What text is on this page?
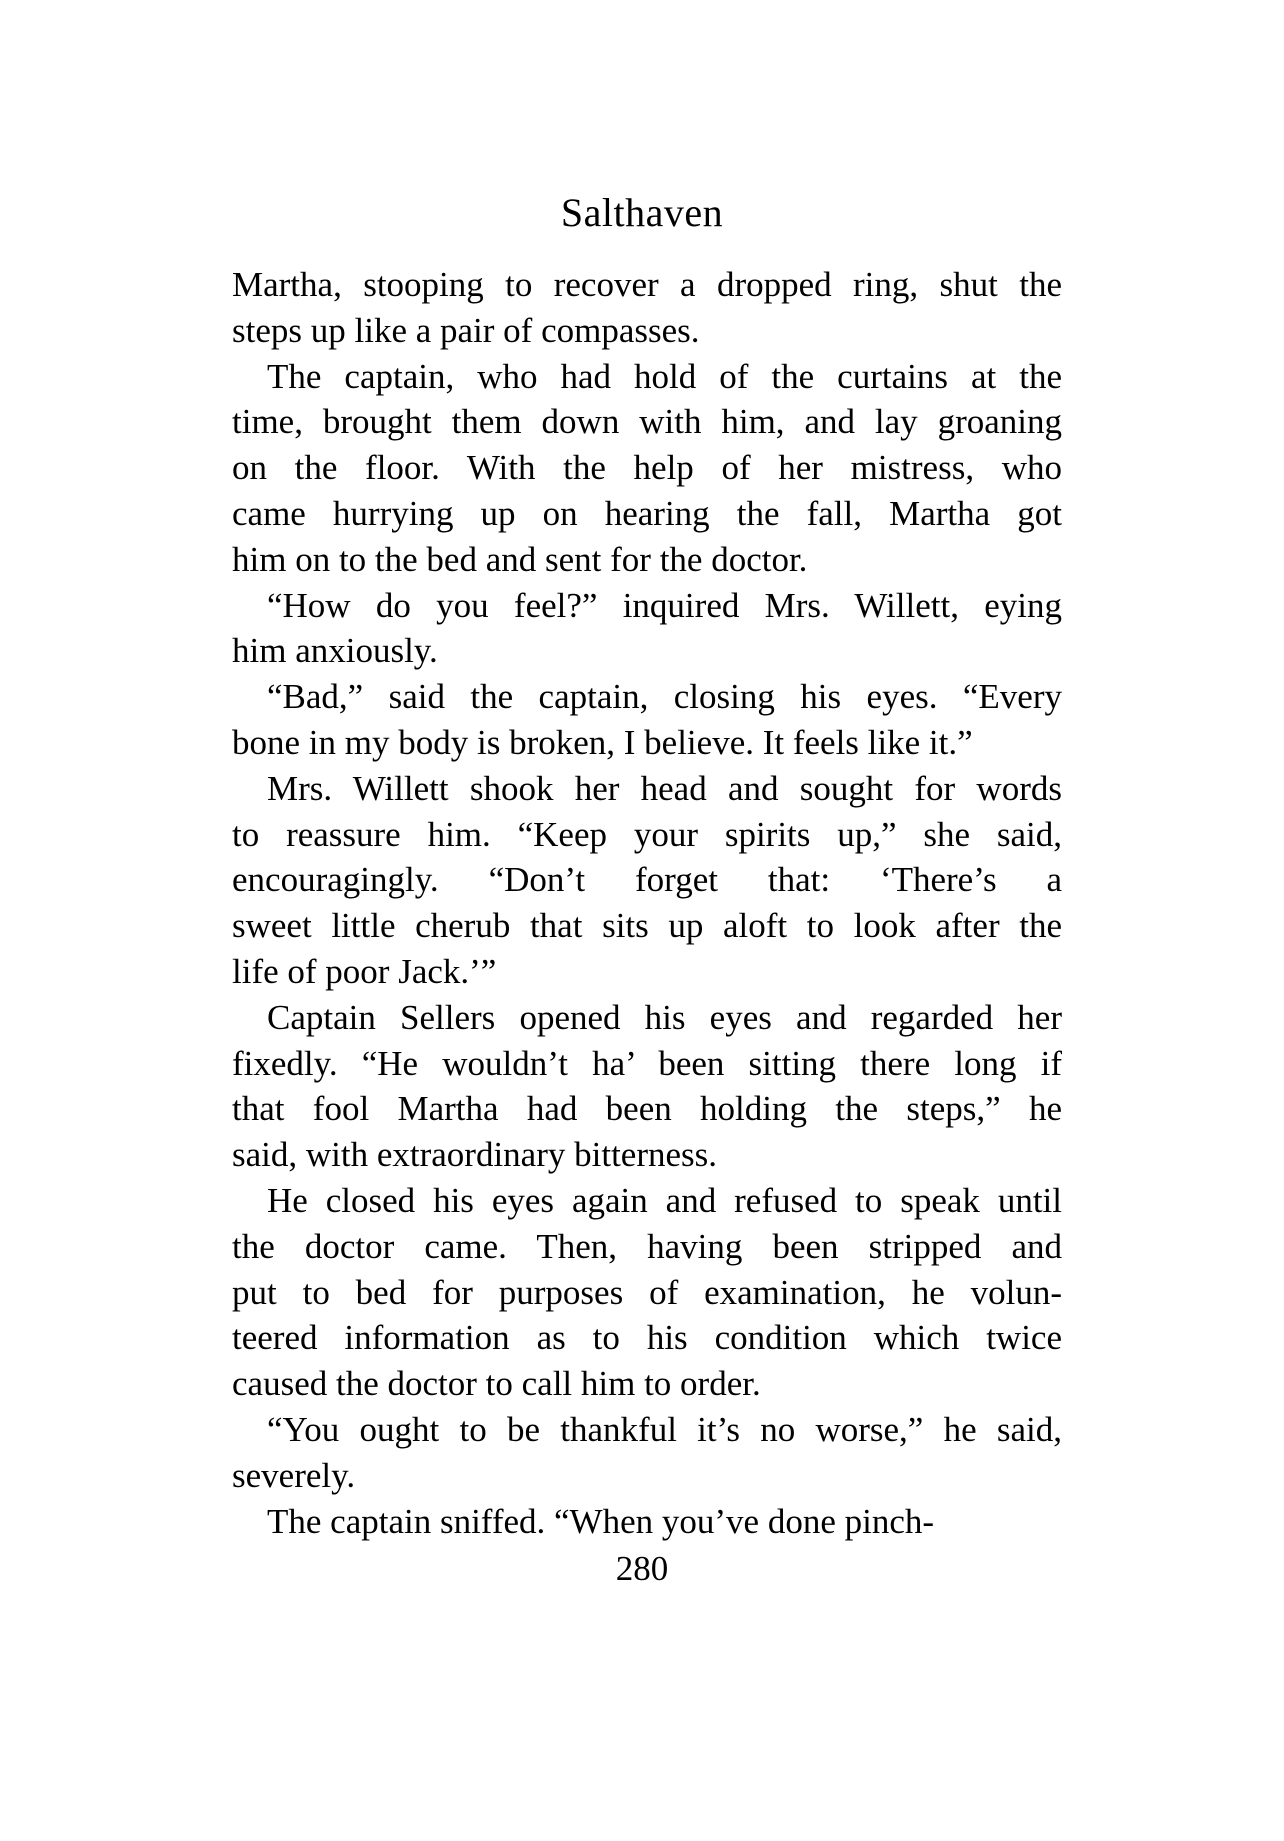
Salthaven
Martha, stooping to recover a dropped ring, shut the
steps up like a pair of compasses.
The captain, who had hold of the curtains at the
time, brought them down with him, and lay groaning
on the floor. With the help of her mistress, who
came hurrying up on hearing the fall, Martha got
him on to the bed and sent for the doctor.
“How do you feel?” inquired Mrs. Willett, eying
him anxiously.
“Bad,” said the captain, closing his eyes. “Every
bone in my body is broken, I believe. It feels like it.”
Mrs. Willett shook her head and sought for words
to reassure him. “Keep your spirits up,” she said,
encouragingly. “Don’t forget that: ‘There’s a
sweet little cherub that sits up aloft to look after the
life of poor Jack.’”
Captain Sellers opened his eyes and regarded her
fixedly. “He wouldn’t ha’ been sitting there long if
that fool Martha had been holding the steps,” he
said, with extraordinary bitterness.
He closed his eyes again and refused to speak until
the doctor came. Then, having been stripped and
put to bed for purposes of examination, he volun-
teered information as to his condition which twice
caused the doctor to call him to order.
“You ought to be thankful it’s no worse,” he said,
severely.
The captain sniffed. “When you’ve done pinch-
280
